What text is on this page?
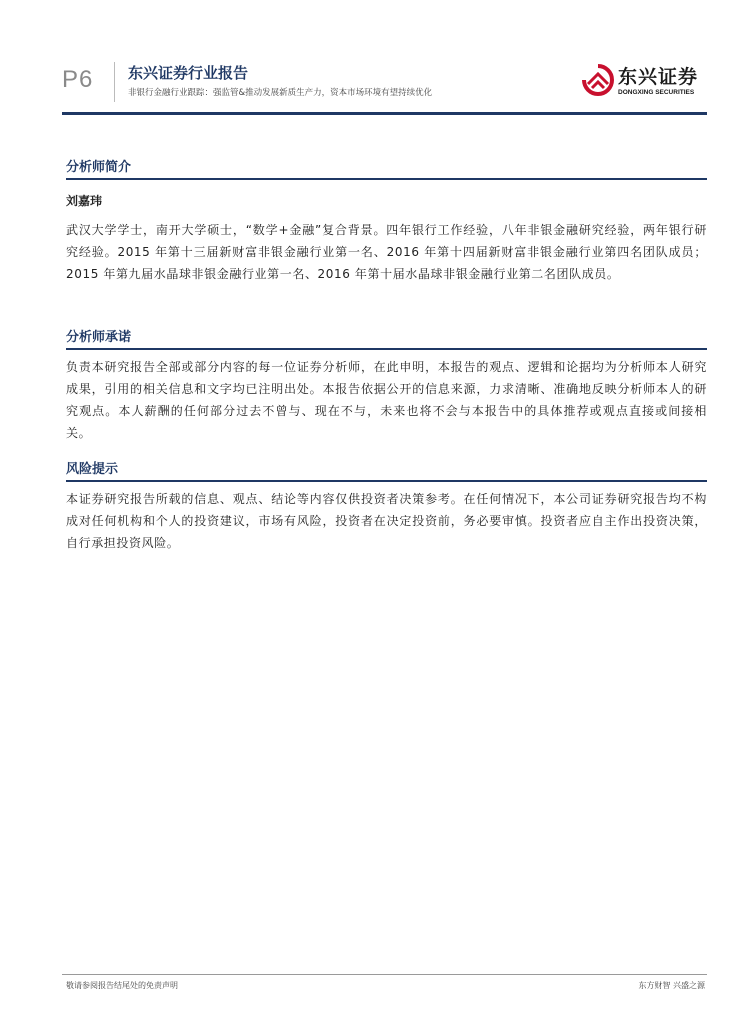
P6 东兴证券行业报告
非银行金融行业跟踪：强监管&推动发展新质生产力，资本市场环境有望持续优化
东兴证券
DONGXING SECURITIES
分析师简介
刘嘉玮
武汉大学学士，南开大学硕士，“数学+金融”复合背景。四年银行工作经验，八年非银金融研究经验，两年银行研究经验。2015 年第十三届新财富非银金融行业第一名、2016 年第十四届新财富非银金融行业第四名团队成员；2015 年第九届水晶球非银金融行业第一名、2016 年第十届水晶球非银金融行业第二名团队成员。
分析师承诺
负责本研究报告全部或部分内容的每一位证券分析师，在此申明，本报告的观点、逻辑和论据均为分析师本人研究成果，引用的相关信息和文字均已注明出处。本报告依据公开的信息来源，力求清晰、准确地反映分析师本人的研究观点。本人薪酬的任何部分过去不曾与、现在不与，未来也将不会与本报告中的具体推荐或观点直接或间接相关。
风险提示
本证券研究报告所载的信息、观点、结论等内容仅供投资者决策参考。在任何情况下，本公司证券研究报告均不构成对任何机构和个人的投资建议，市场有风险，投资者在决定投资前，务必要审慎。投资者应自主作出投资决策，自行承担投资风险。
敬请参阅报告结尾处的免责声明	东方财智 兴盛之源
